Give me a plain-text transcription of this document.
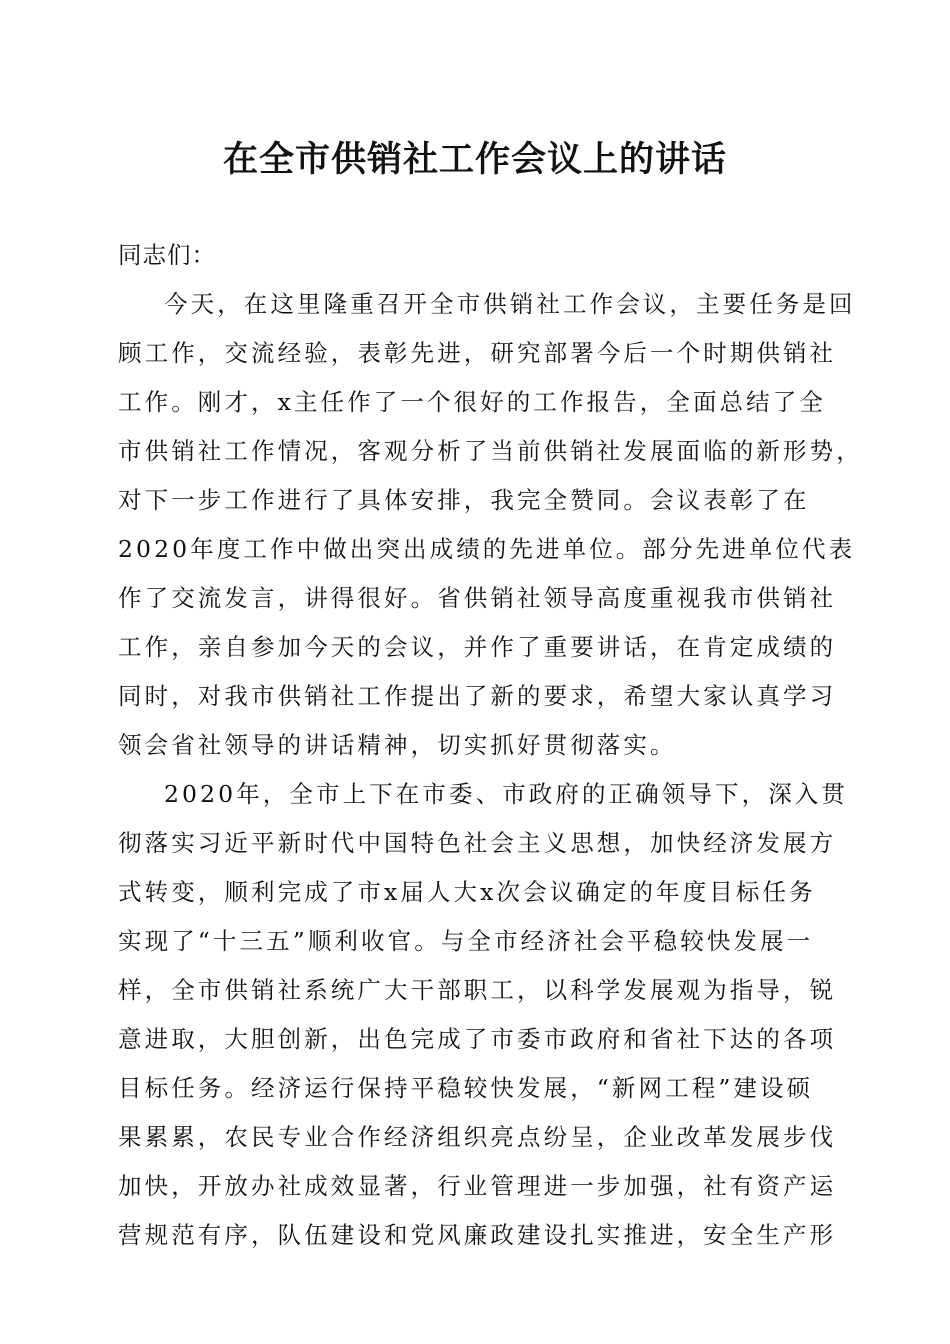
在全市供销社工作会议上的讲话
同志们：
今天，在这里隆重召开全市供销社工作会议，主要任务是回
顾工作，交流经验，表彰先进，研究部署今后一个时期供销社
工作。刚才，x主任作了一个很好的工作报告，全面总结了全
市供销社工作情况，客观分析了当前供销社发展面临的新形势，
对下一步工作进行了具体安排，我完全赞同。会议表彰了在
2020年度工作中做出突出成绩的先进单位。部分先进单位代表
作了交流发言，讲得很好。省供销社领导高度重视我市供销社
工作，亲自参加今天的会议，并作了重要讲话，在肯定成绩的
同时，对我市供销社工作提出了新的要求，希望大家认真学习
领会省社领导的讲话精神，切实抓好贯彻落实。
2020年，全市上下在市委、市政府的正确领导下，深入贯
彻落实习近平新时代中国特色社会主义思想，加快经济发展方
式转变，顺利完成了市x届人大x次会议确定的年度目标任务
实现了“十三五”顺利收官。与全市经济社会平稳较快发展一
样，全市供销社系统广大干部职工，以科学发展观为指导，锐
意进取，大胆创新，出色完成了市委市政府和省社下达的各项
目标任务。经济运行保持平稳较快发展，“新网工程”建设硕
果累累，农民专业合作经济组织亮点纷呈，企业改革发展步伐
加快，开放办社成效显著，行业管理进一步加强，社有资产运
营规范有序，队伍建设和党风廉政建设扎实推进，安全生产形
